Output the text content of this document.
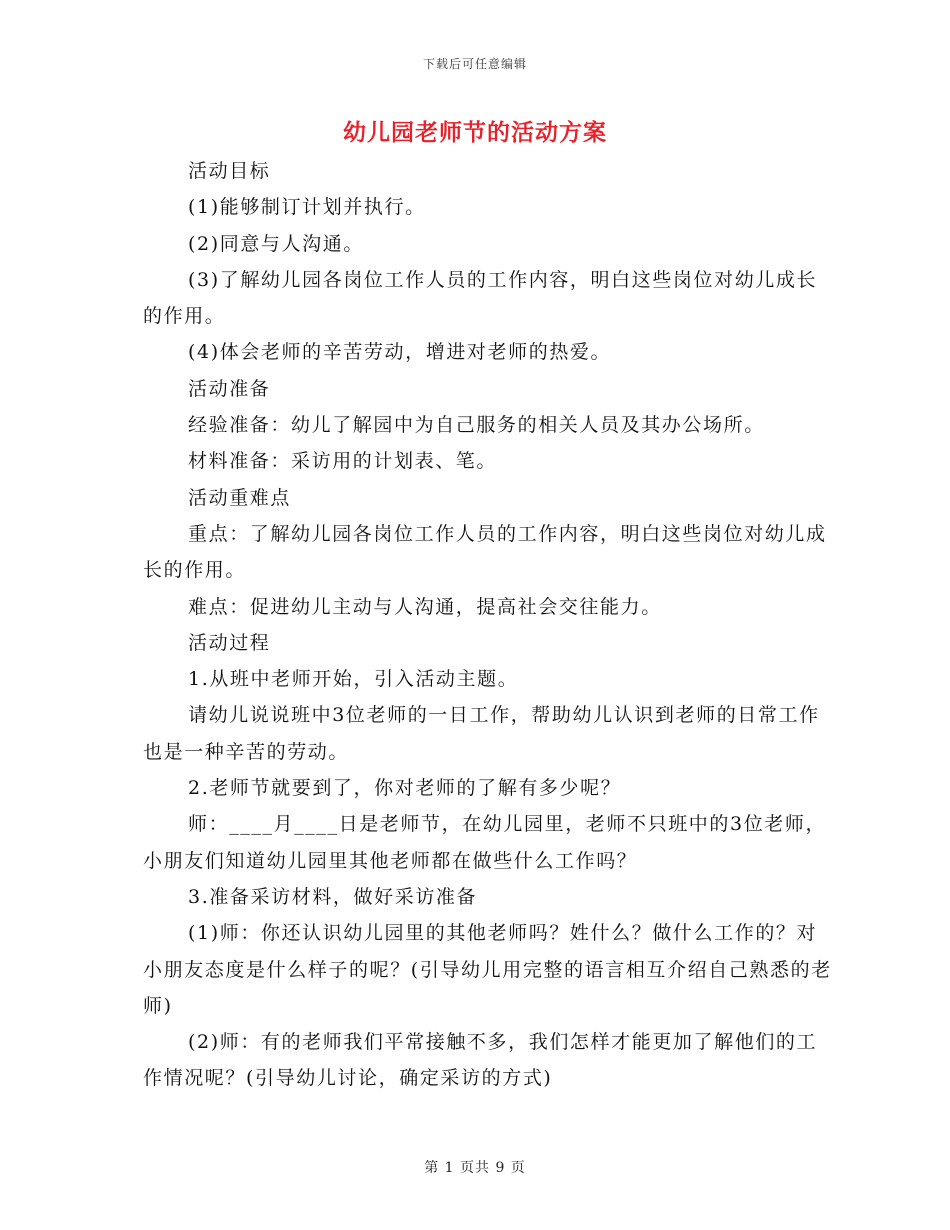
下载后可任意编辑
幼儿园老师节的活动方案

活动目标

(1)能够制订计划并执行。

(2)同意与人沟通。

(3)了解幼儿园各岗位工作人员的工作内容，明白这些岗位对幼儿成长的作用。

(4)体会老师的辛苦劳动，增进对老师的热爱。

活动准备

经验准备：幼儿了解园中为自己服务的相关人员及其办公场所。

材料准备：采访用的计划表、笔。

活动重难点

重点：了解幼儿园各岗位工作人员的工作内容，明白这些岗位对幼儿成长的作用。

难点：促进幼儿主动与人沟通，提高社会交往能力。

活动过程

1.从班中老师开始，引入活动主题。

请幼儿说说班中3位老师的一日工作，帮助幼儿认识到老师的日常工作也是一种辛苦的劳动。

2.老师节就要到了，你对老师的了解有多少呢？

师：____月____日是老师节，在幼儿园里，老师不只班中的3位老师，小朋友们知道幼儿园里其他老师都在做些什么工作吗？

3.准备采访材料，做好采访准备

(1)师：你还认识幼儿园里的其他老师吗？姓什么？做什么工作的？对小朋友态度是什么样子的呢？(引导幼儿用完整的语言相互介绍自己熟悉的老师)

(2)师：有的老师我们平常接触不多，我们怎样才能更加了解他们的工作情况呢？(引导幼儿讨论，确定采访的方式)

第 1 页共 9 页
